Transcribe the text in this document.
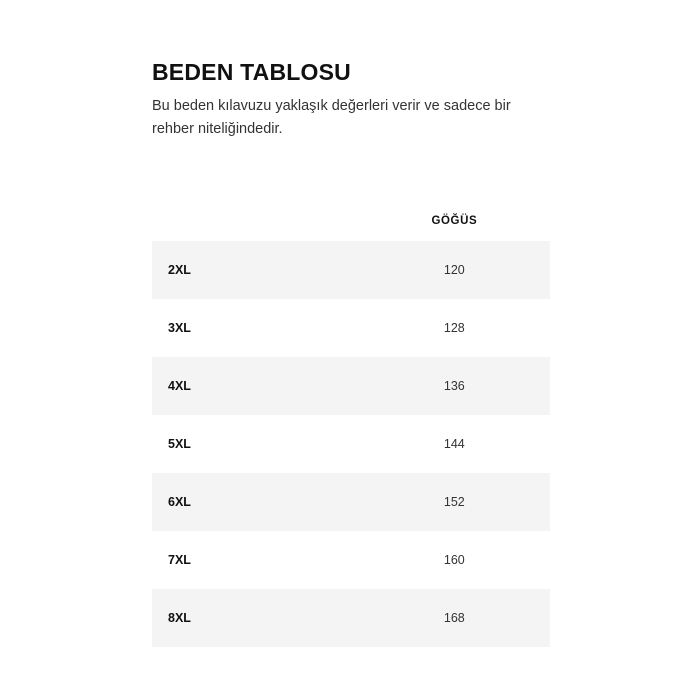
BEDEN TABLOSU

Bu beden kılavuzu yaklaşık değerleri verir ve sadece bir rehber niteliğindedir.

	GÖĞÜS
2XL	120
3XL	128
4XL	136
5XL	144
6XL	152
7XL	160
8XL	168
